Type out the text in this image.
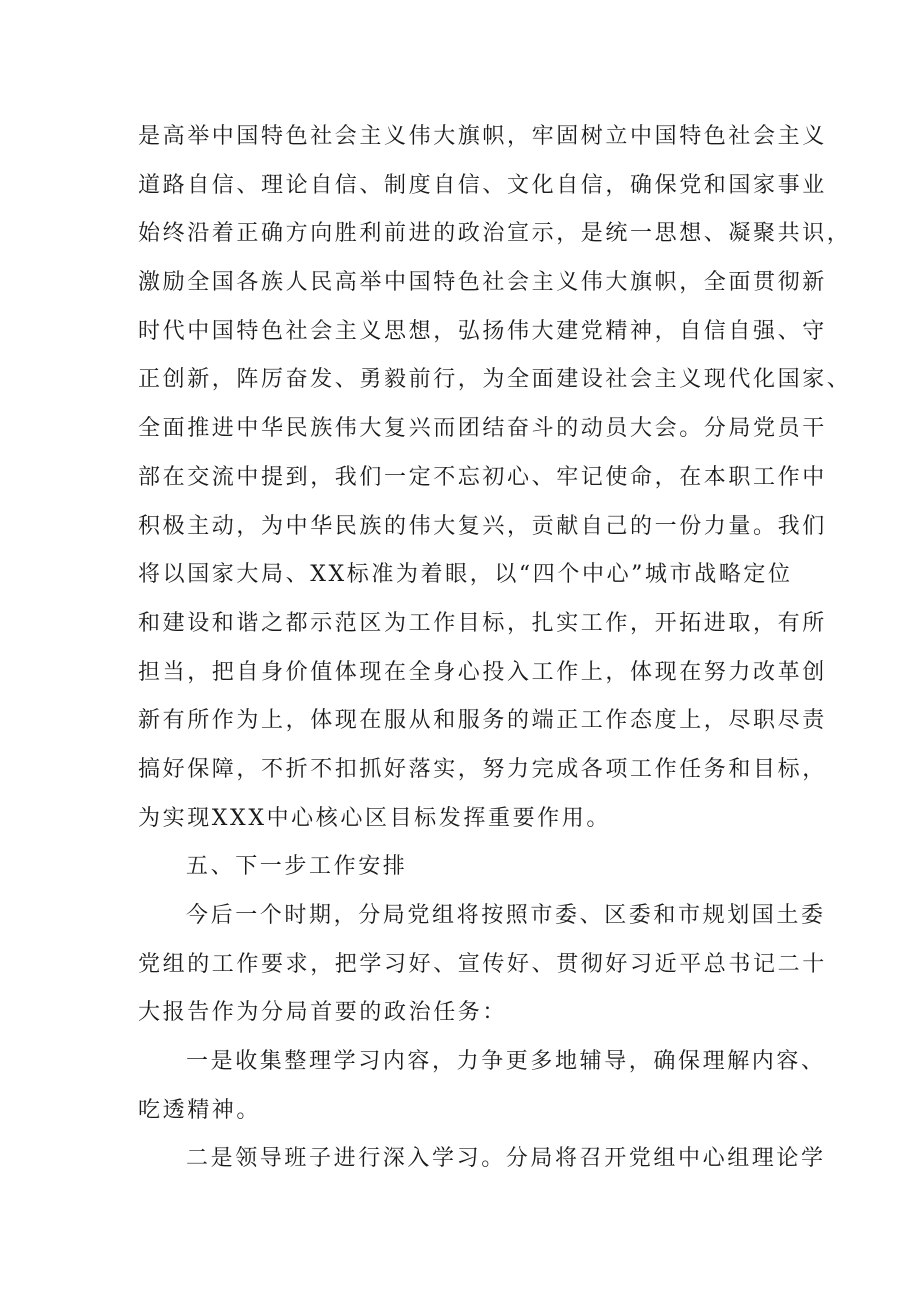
是高举中国特色社会主义伟大旗帜，牢固树立中国特色社会主义
道路自信、理论自信、制度自信、文化自信，确保党和国家事业
始终沿着正确方向胜利前进的政治宣示，是统一思想、凝聚共识，
激励全国各族人民高举中国特色社会主义伟大旗帜，全面贯彻新
时代中国特色社会主义思想，弘扬伟大建党精神，自信自强、守
正创新，阵厉奋发、勇毅前行，为全面建设社会主义现代化国家、
全面推进中华民族伟大复兴而团结奋斗的动员大会。分局党员干
部在交流中提到，我们一定不忘初心、牢记使命，在本职工作中
积极主动，为中华民族的伟大复兴，贡献自己的一份力量。我们
将以国家大局、XX标准为着眼，以“四个中心”城市战略定位
和建设和谐之都示范区为工作目标，扎实工作，开拓进取，有所
担当，把自身价值体现在全身心投入工作上，体现在努力改革创
新有所作为上，体现在服从和服务的端正工作态度上，尽职尽责
搞好保障，不折不扣抓好落实，努力完成各项工作任务和目标，
为实现XXX中心核心区目标发挥重要作用。
五、下一步工作安排
今后一个时期，分局党组将按照市委、区委和市规划国土委
党组的工作要求，把学习好、宣传好、贯彻好习近平总书记二十
大报告作为分局首要的政治任务：
一是收集整理学习内容，力争更多地辅导，确保理解内容、
吃透精神。
二是领导班子进行深入学习。分局将召开党组中心组理论学
